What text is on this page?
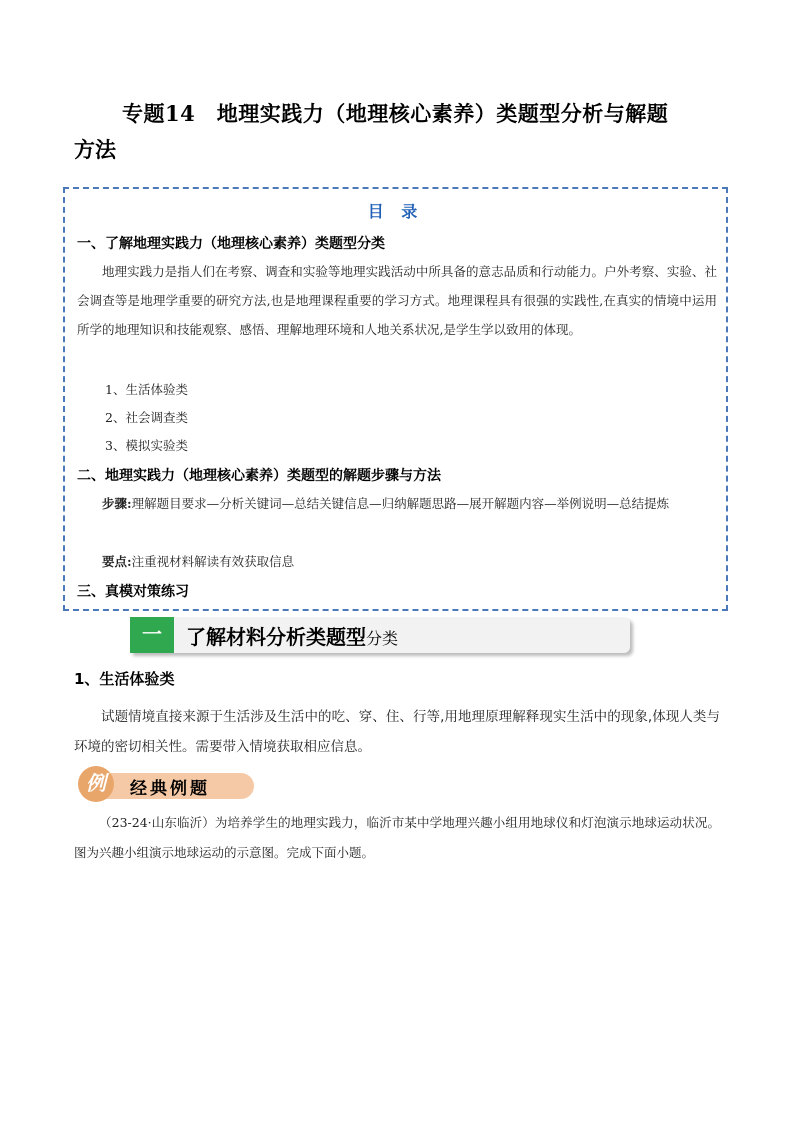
专题14　地理实践力（地理核心素养）类题型分析与解题
方法
目 录
一、了解地理实践力（地理核心素养）类题型分类
地理实践力是指人们在考察、调查和实验等地理实践活动中所具备的意志品质和行动能力。户外考察、实验、社会调查等是地理学重要的研究方法,也是地理课程重要的学习方式。地理课程具有很强的实践性,在真实的情境中运用所学的地理知识和技能观察、感悟、理解地理环境和人地关系状况,是学生学以致用的体现。
1、生活体验类
2、社会调查类
3、模拟实验类
二、地理实践力（地理核心素养）类题型的解题步骤与方法
步骤:理解题目要求—分析关键词—总结关键信息—归纳解题思路—展开解题内容—举例说明—总结提炼
要点:注重视材料解读有效获取信息
三、真模对策练习
一	了解材料分析类题型分类
1、生活体验类
试题情境直接来源于生活涉及生活中的吃、穿、住、行等,用地理原理解释现实生活中的现象,体现人类与环境的密切相关性。需要带入情境获取相应信息。
例	经典例题
（23-24·山东临沂）为培养学生的地理实践力，临沂市某中学地理兴趣小组用地球仪和灯泡演示地球运动状况。图为兴趣小组演示地球运动的示意图。完成下面小题。
